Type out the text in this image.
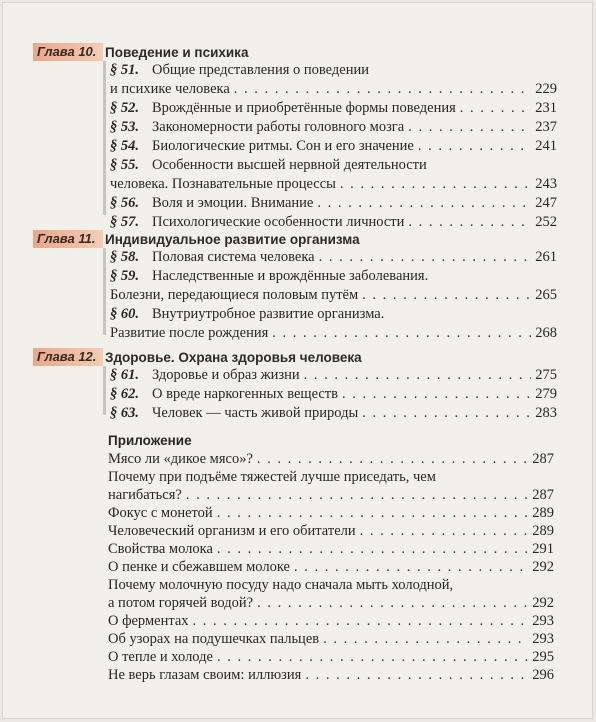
Глава 10. Поведение и психика
§ 51. Общие представления о поведении
и психике человека . . .	229
§ 52. Врождённые и приобретённые формы поведения . . .	231
§ 53. Закономерности работы головного мозга . . .	237
§ 54. Биологические ритмы. Сон и его значение . . .	241
§ 55. Особенности высшей нервной деятельности
человека. Познавательные процессы . . .	243
§ 56. Воля и эмоции. Внимание . . .	247
§ 57. Психологические особенности личности . . .	252
Глава 11. Индивидуальное развитие организма
§ 58. Половая система человека . . .	261
§ 59. Наследственные и врождённые заболевания.
Болезни, передающиеся половым путём . . .	265
§ 60. Внутриутробное развитие организма.
Развитие после рождения . . .	268
Глава 12. Здоровье. Охрана здоровья человека
§ 61. Здоровье и образ жизни . . .	275
§ 62. О вреде наркогенных веществ . . .	279
§ 63. Человек — часть живой природы . . .	283
Приложение
Мясо ли «дикое мясо»? . . .	287
Почему при подъёме тяжестей лучше приседать, чем
нагибаться? . . .	287
Фокус с монетой . . .	289
Человеческий организм и его обитатели . . .	289
Свойства молока . . .	291
О пенке и сбежавшем молоке . . .	292
Почему молочную посуду надо сначала мыть холодной,
а потом горячей водой? . . .	292
О ферментах . . .	293
Об узорах на подушечках пальцев . . .	293
О тепле и холоде . . .	295
Не верь глазам своим: иллюзия . . .	296
